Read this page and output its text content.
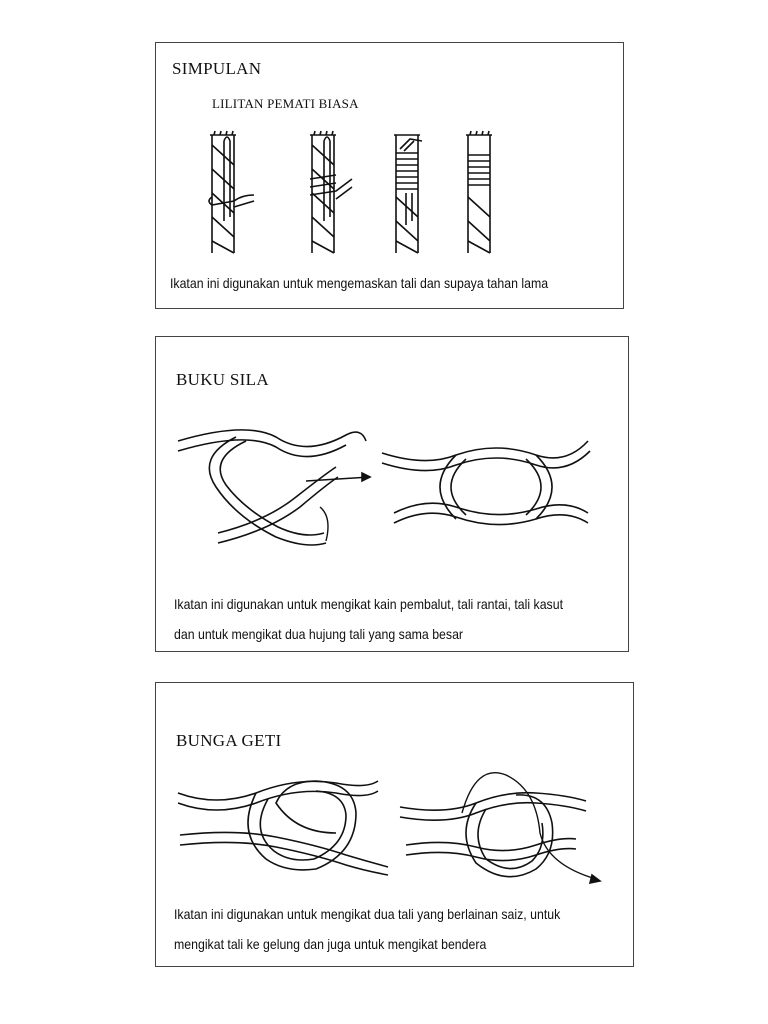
SIMPULAN
LILITAN PEMATI BIASA
Ikatan ini digunakan untuk mengemaskan tali dan supaya tahan lama
BUKU SILA
Ikatan ini digunakan untuk mengikat kain pembalut, tali rantai, tali kasut
dan untuk mengikat dua hujung tali yang sama besar
BUNGA GETI
Ikatan ini digunakan untuk mengikat dua tali yang berlainan saiz, untuk
mengikat tali ke gelung dan juga untuk mengikat bendera
